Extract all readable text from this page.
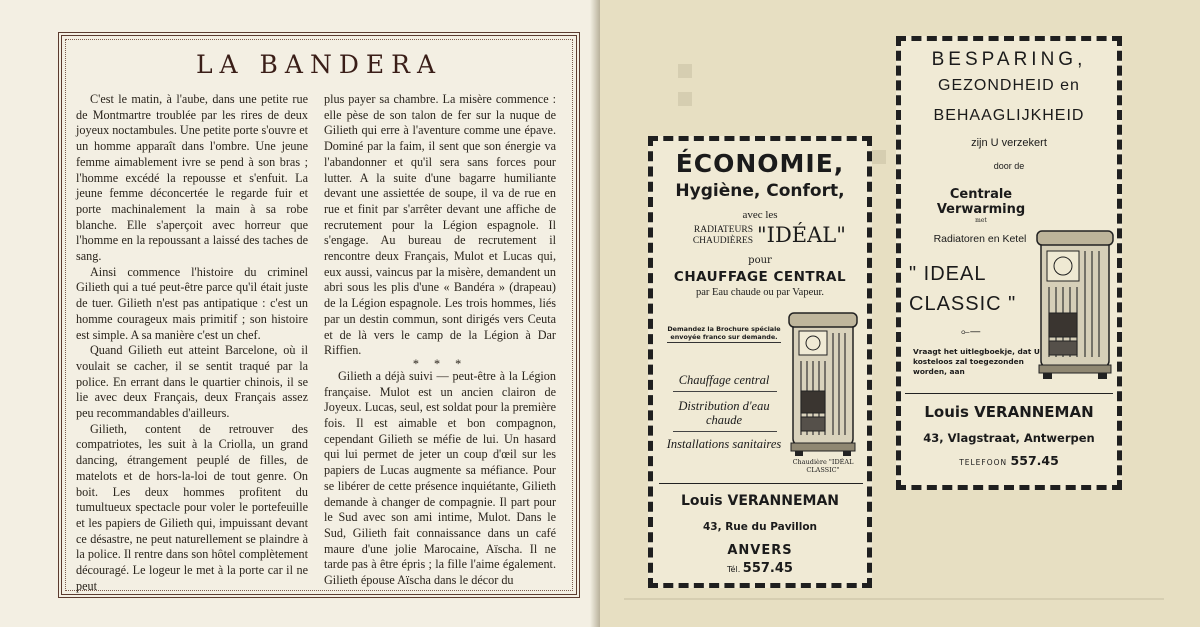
LA BANDERA

C'est le matin, à l'aube, dans une petite rue de Montmartre troublée par les rires de deux joyeux noctambules. Une petite porte s'ouvre et un homme apparaît dans l'ombre. Une jeune femme aimablement ivre se pend à son bras ; l'homme excédé la repousse et s'enfuit. La jeune femme déconcertée le regarde fuir et porte machinalement la main à sa robe blanche. Elle s'aperçoit avec horreur que l'homme en la repoussant a laissé des taches de sang.

Ainsi commence l'histoire du criminel Gilieth qui a tué peut-être parce qu'il était juste de tuer. Gilieth n'est pas antipatique : c'est un homme courageux mais primitif ; son histoire est simple. A sa manière c'est un chef.

Quand Gilieth eut atteint Barcelone, où il voulait se cacher, il se sentit traqué par la police. En errant dans le quartier chinois, il se lie avec deux Français, deux Français assez peu recommandables d'ailleurs.

Gilieth, content de retrouver des compatriotes, les suit à la Criolla, un grand dancing, étrangement peuplé de filles, de matelots et de hors-la-loi de tout genre. On boit. Les deux hommes profitent du tumultueux spectacle pour voler le portefeuille et les papiers de Gilieth qui, impuissant devant ce désastre, ne peut naturellement se plaindre à la police. Il rentre dans son hôtel complètement découragé. Le logeur le met à la porte car il ne peut

plus payer sa chambre. La misère commence : elle pèse de son talon de fer sur la nuque de Gilieth qui erre à l'aventure comme une épave. Dominé par la faim, il sent que son énergie va l'abandonner et qu'il sera sans forces pour lutter. A la suite d'une bagarre humiliante devant une assiettée de soupe, il va de rue en rue et finit par s'arrêter devant une affiche de recrutement pour la Légion espagnole. Il s'engage. Au bureau de recrutement il rencontre deux Français, Mulot et Lucas qui, eux aussi, vaincus par la misère, demandent un abri sous les plis d'une « Bandéra » (drapeau) de la Légion espagnole. Les trois hommes, liés par un destin commun, sont dirigés vers Ceuta et de là vers le camp de la Légion à Dar Riffien.

* * *

Gilieth a déjà suivi — peut-être à la Légion française. Mulot est un ancien clairon de Joyeux. Lucas, seul, est soldat pour la première fois. Il est aimable et bon compagnon, cependant Gilieth se méfie de lui. Un hasard qui lui permet de jeter un coup d'œil sur les papiers de Lucas augmente sa méfiance. Pour se libérer de cette présence inquiétante, Gilieth demande à changer de compagnie. Il part pour le Sud avec son ami intime, Mulot. Dans le Sud, Gilieth fait connaissance dans un café maure d'une jolie Marocaine, Aïscha. Il ne tarde pas à être épris ; la fille l'aime également. Gilieth épouse Aïscha dans le décor du

ÉCONOMIE,
Hygiène, Confort,
avec les
RADIATEURS
CHAUDIÈRES "IDÉAL"
pour
CHAUFFAGE CENTRAL
par Eau chaude ou par Vapeur.
Demandez la Brochure spéciale envoyée franco sur demande.
Chauffage central
Distribution d'eau chaude
Installations sanitaires
Chaudière "IDÉAL CLASSIC"
Louis VERANNEMAN
43, Rue du Pavillon
ANVERS
Tél. 557.45
BESPARING,
GEZONDHEID en
BEHAAGLIJKHEID
zijn U verzekert
door de
Centrale Verwarming
met
Radiatoren en Ketel
" IDEAL
CLASSIC "
⟜—
Vraagt het uitlegboekje, dat U kosteloos zal toegezonden worden, aan
Louis VERANNEMAN
43, Vlagstraat, Antwerpen
TELEFOON 557.45
